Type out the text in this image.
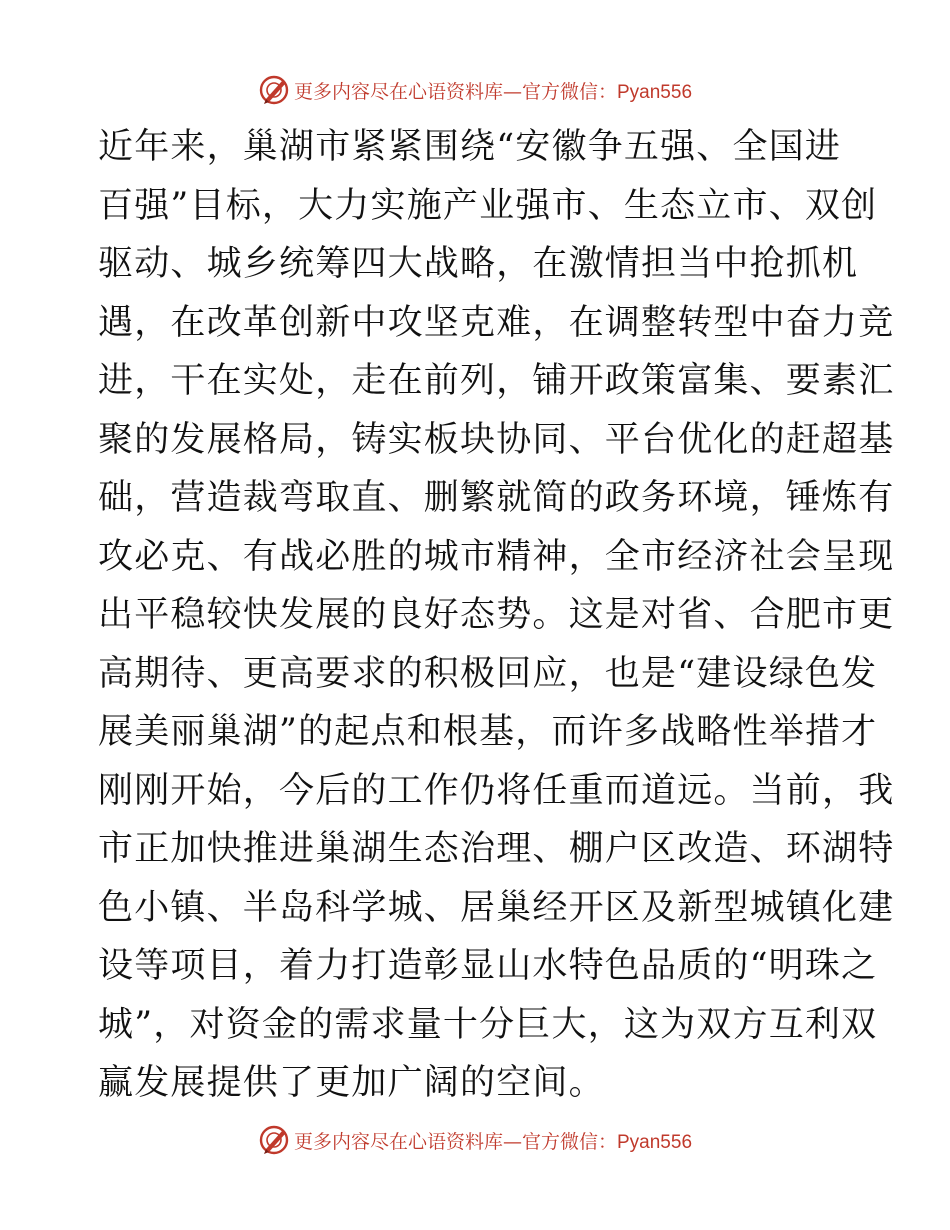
更多内容尽在心语资料库—官方微信：Pyan556
近年来，巢湖市紧紧围绕“安徽争五强、全国进
百强”目标，大力实施产业强市、生态立市、双创
驱动、城乡统筹四大战略，在激情担当中抢抓机
遇，在改革创新中攻坚克难，在调整转型中奋力竞
进，干在实处，走在前列，铺开政策富集、要素汇
聚的发展格局，铸实板块协同、平台优化的赶超基
础，营造裁弯取直、删繁就简的政务环境，锤炼有
攻必克、有战必胜的城市精神，全市经济社会呈现
出平稳较快发展的良好态势。这是对省、合肥市更
高期待、更高要求的积极回应，也是“建设绿色发
展美丽巢湖”的起点和根基，而许多战略性举措才
刚刚开始，今后的工作仍将任重而道远。当前，我
市正加快推进巢湖生态治理、棚户区改造、环湖特
色小镇、半岛科学城、居巢经开区及新型城镇化建
设等项目，着力打造彰显山水特色品质的“明珠之
城”，对资金的需求量十分巨大，这为双方互利双
赢发展提供了更加广阔的空间。
更多内容尽在心语资料库—官方微信：Pyan556
